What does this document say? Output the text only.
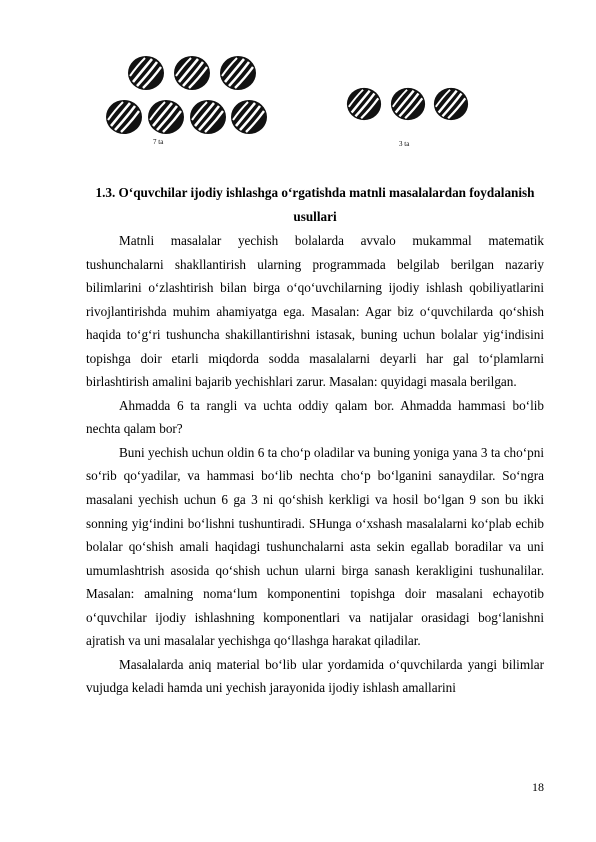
7 ta	3 ta
1.3. O‘quvchilar ijodiy ishlashga o‘rgatishda matnli masalalardan foydalanish usullari

Matnli masalalar yechish bolalarda avvalo mukammal matematik tushunchalarni shakllantirish ularning programmada belgilab berilgan nazariy bilimlarini o‘zlashtirish bilan birga o‘qo‘uvchilarning ijodiy ishlash qobiliyatlarini rivojlantirishda muhim ahamiyatga ega. Masalan: Agar biz o‘quvchilarda qo‘shish haqida to‘g‘ri tushuncha shakillantirishni istasak, buning uchun bolalar yig‘indisini topishga doir etarli miqdorda sodda masalalarni deyarli har gal to‘plamlarni birlashtirish amalini bajarib yechishlari zarur. Masalan: quyidagi masala berilgan.

Ahmadda 6 ta rangli va uchta oddiy qalam bor. Ahmadda hammasi bo‘lib nechta qalam bor?

Buni yechish uchun oldin 6 ta cho‘p oladilar va buning yoniga yana 3 ta cho‘pni so‘rib qo‘yadilar, va hammasi bo‘lib nechta cho‘p bo‘lganini sanaydilar. So‘ngra masalani yechish uchun 6 ga 3 ni qo‘shish kerkligi va hosil bo‘lgan 9 son bu ikki sonning yig‘indini bo‘lishni tushuntiradi. SHunga o‘xshash masalalarni ko‘plab echib bolalar qo‘shish amali haqidagi tushunchalarni asta sekin egallab boradilar va uni umumlashtrish asosida qo‘shish uchun ularni birga sanash kerakligini tushunalilar. Masalan: amalning noma‘lum komponentini topishga doir masalani echayotib o‘quvchilar ijodiy ishlashning komponentlari va natijalar orasidagi bog‘lanishni ajratish va uni masalalar yechishga qo‘llashga harakat qiladilar.

Masalalarda aniq material bo‘lib ular yordamida o‘quvchilarda yangi bilimlar vujudga keladi hamda uni yechish jarayonida ijodiy ishlash amallarini

18
